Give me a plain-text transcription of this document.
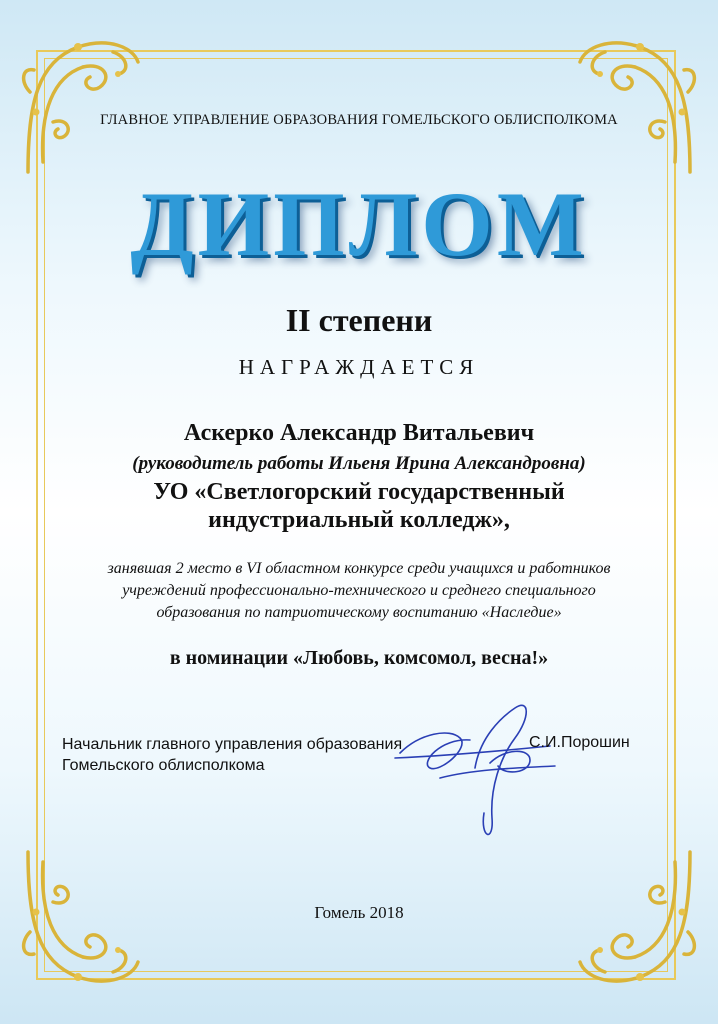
ГЛАВНОЕ УПРАВЛЕНИЕ ОБРАЗОВАНИЯ ГОМЕЛЬСКОГО ОБЛИСПОЛКОМА
ДИПЛОМ
II степени
НАГРАЖДАЕТСЯ
Аскерко Александр Витальевич
(руководитель работы Ильеня Ирина Александровна)
УО «Светлогорский государственный
индустриальный колледж»,
занявшая 2 место в VI областном конкурсе среди учащихся и работников
учреждений профессионально-технического и среднего специального
образования по патриотическому воспитанию «Наследие»
в номинации «Любовь, комсомол, весна!»
Начальник главного управления образования
Гомельского облисполкома
С.И.Порошин
Гомель 2018
